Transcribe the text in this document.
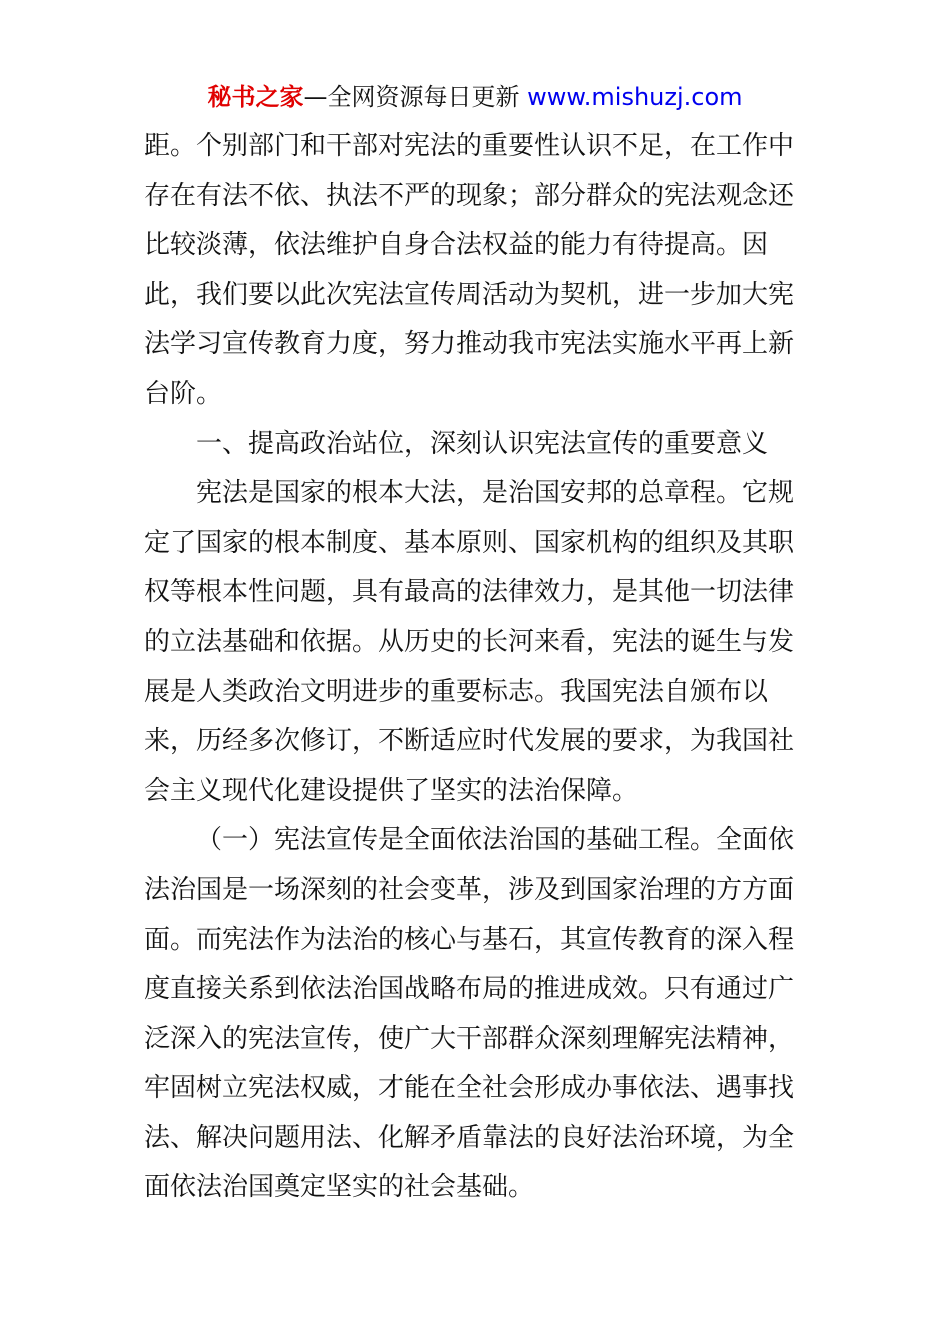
秘书之家—全网资源每日更新 www.mishuzj.com
距。个别部门和干部对宪法的重要性认识不足，在工作中
存在有法不依、执法不严的现象；部分群众的宪法观念还
比较淡薄，依法维护自身合法权益的能力有待提高。因
此，我们要以此次宪法宣传周活动为契机，进一步加大宪
法学习宣传教育力度，努力推动我市宪法实施水平再上新
台阶。
一、提高政治站位，深刻认识宪法宣传的重要意义
宪法是国家的根本大法，是治国安邦的总章程。它规
定了国家的根本制度、基本原则、国家机构的组织及其职
权等根本性问题，具有最高的法律效力，是其他一切法律
的立法基础和依据。从历史的长河来看，宪法的诞生与发
展是人类政治文明进步的重要标志。我国宪法自颁布以
来，历经多次修订，不断适应时代发展的要求，为我国社
会主义现代化建设提供了坚实的法治保障。
（一）宪法宣传是全面依法治国的基础工程。全面依
法治国是一场深刻的社会变革，涉及到国家治理的方方面
面。而宪法作为法治的核心与基石，其宣传教育的深入程
度直接关系到依法治国战略布局的推进成效。只有通过广
泛深入的宪法宣传，使广大干部群众深刻理解宪法精神，
牢固树立宪法权威，才能在全社会形成办事依法、遇事找
法、解决问题用法、化解矛盾靠法的良好法治环境，为全
面依法治国奠定坚实的社会基础。
